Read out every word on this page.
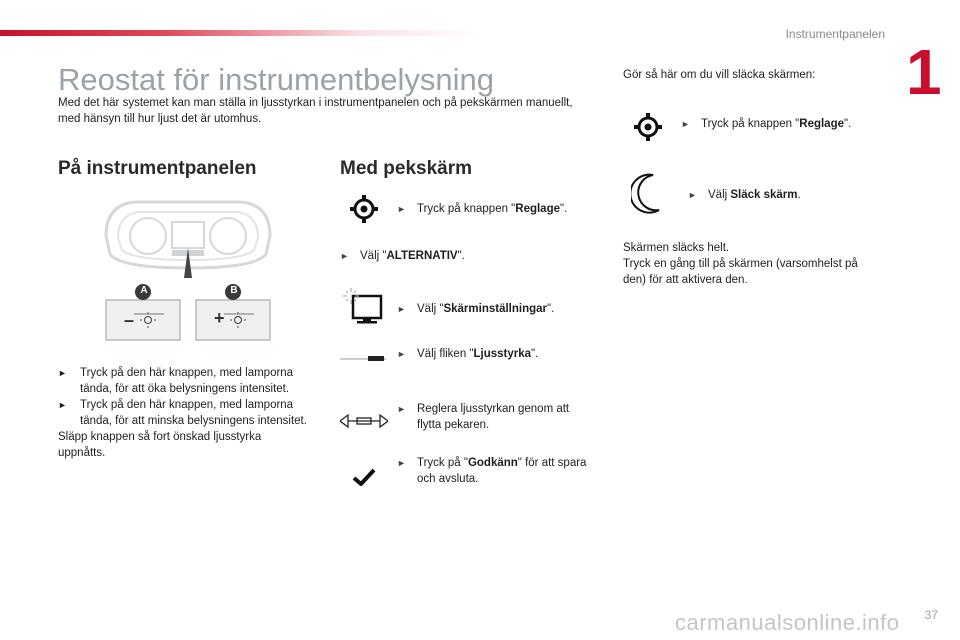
Instrumentpanelen
1
Reostat för instrumentbelysning

Med det här systemet kan man ställa in ljusstyrkan i instrumentpanelen och på pekskärmen manuellt, med hänsyn till hur ljust det är utomhus.

På instrumentpanelen
A	B
–	+
► Tryck på den här knappen, med lamporna tända, för att öka belysningens intensitet.
► Tryck på den här knappen, med lamporna tända, för att minska belysningens intensitet.
Släpp knappen så fort önskad ljusstyrka uppnåtts.
Med pekskärm
► Tryck på knappen "Reglage".
► Välj "ALTERNATIV".
► Välj "Skärminställningar".
► Välj fliken "Ljusstyrka".
► Reglera ljusstyrkan genom att
flytta pekaren.
► Tryck på "Godkänn" för att spara
och avsluta.
Gör så här om du vill släcka skärmen:
► Tryck på knappen "Reglage".
► Välj Släck skärm.
Skärmen släcks helt.
Tryck en gång till på skärmen (varsomhelst på
den) för att aktivera den.
37
carmanualsonline.info
